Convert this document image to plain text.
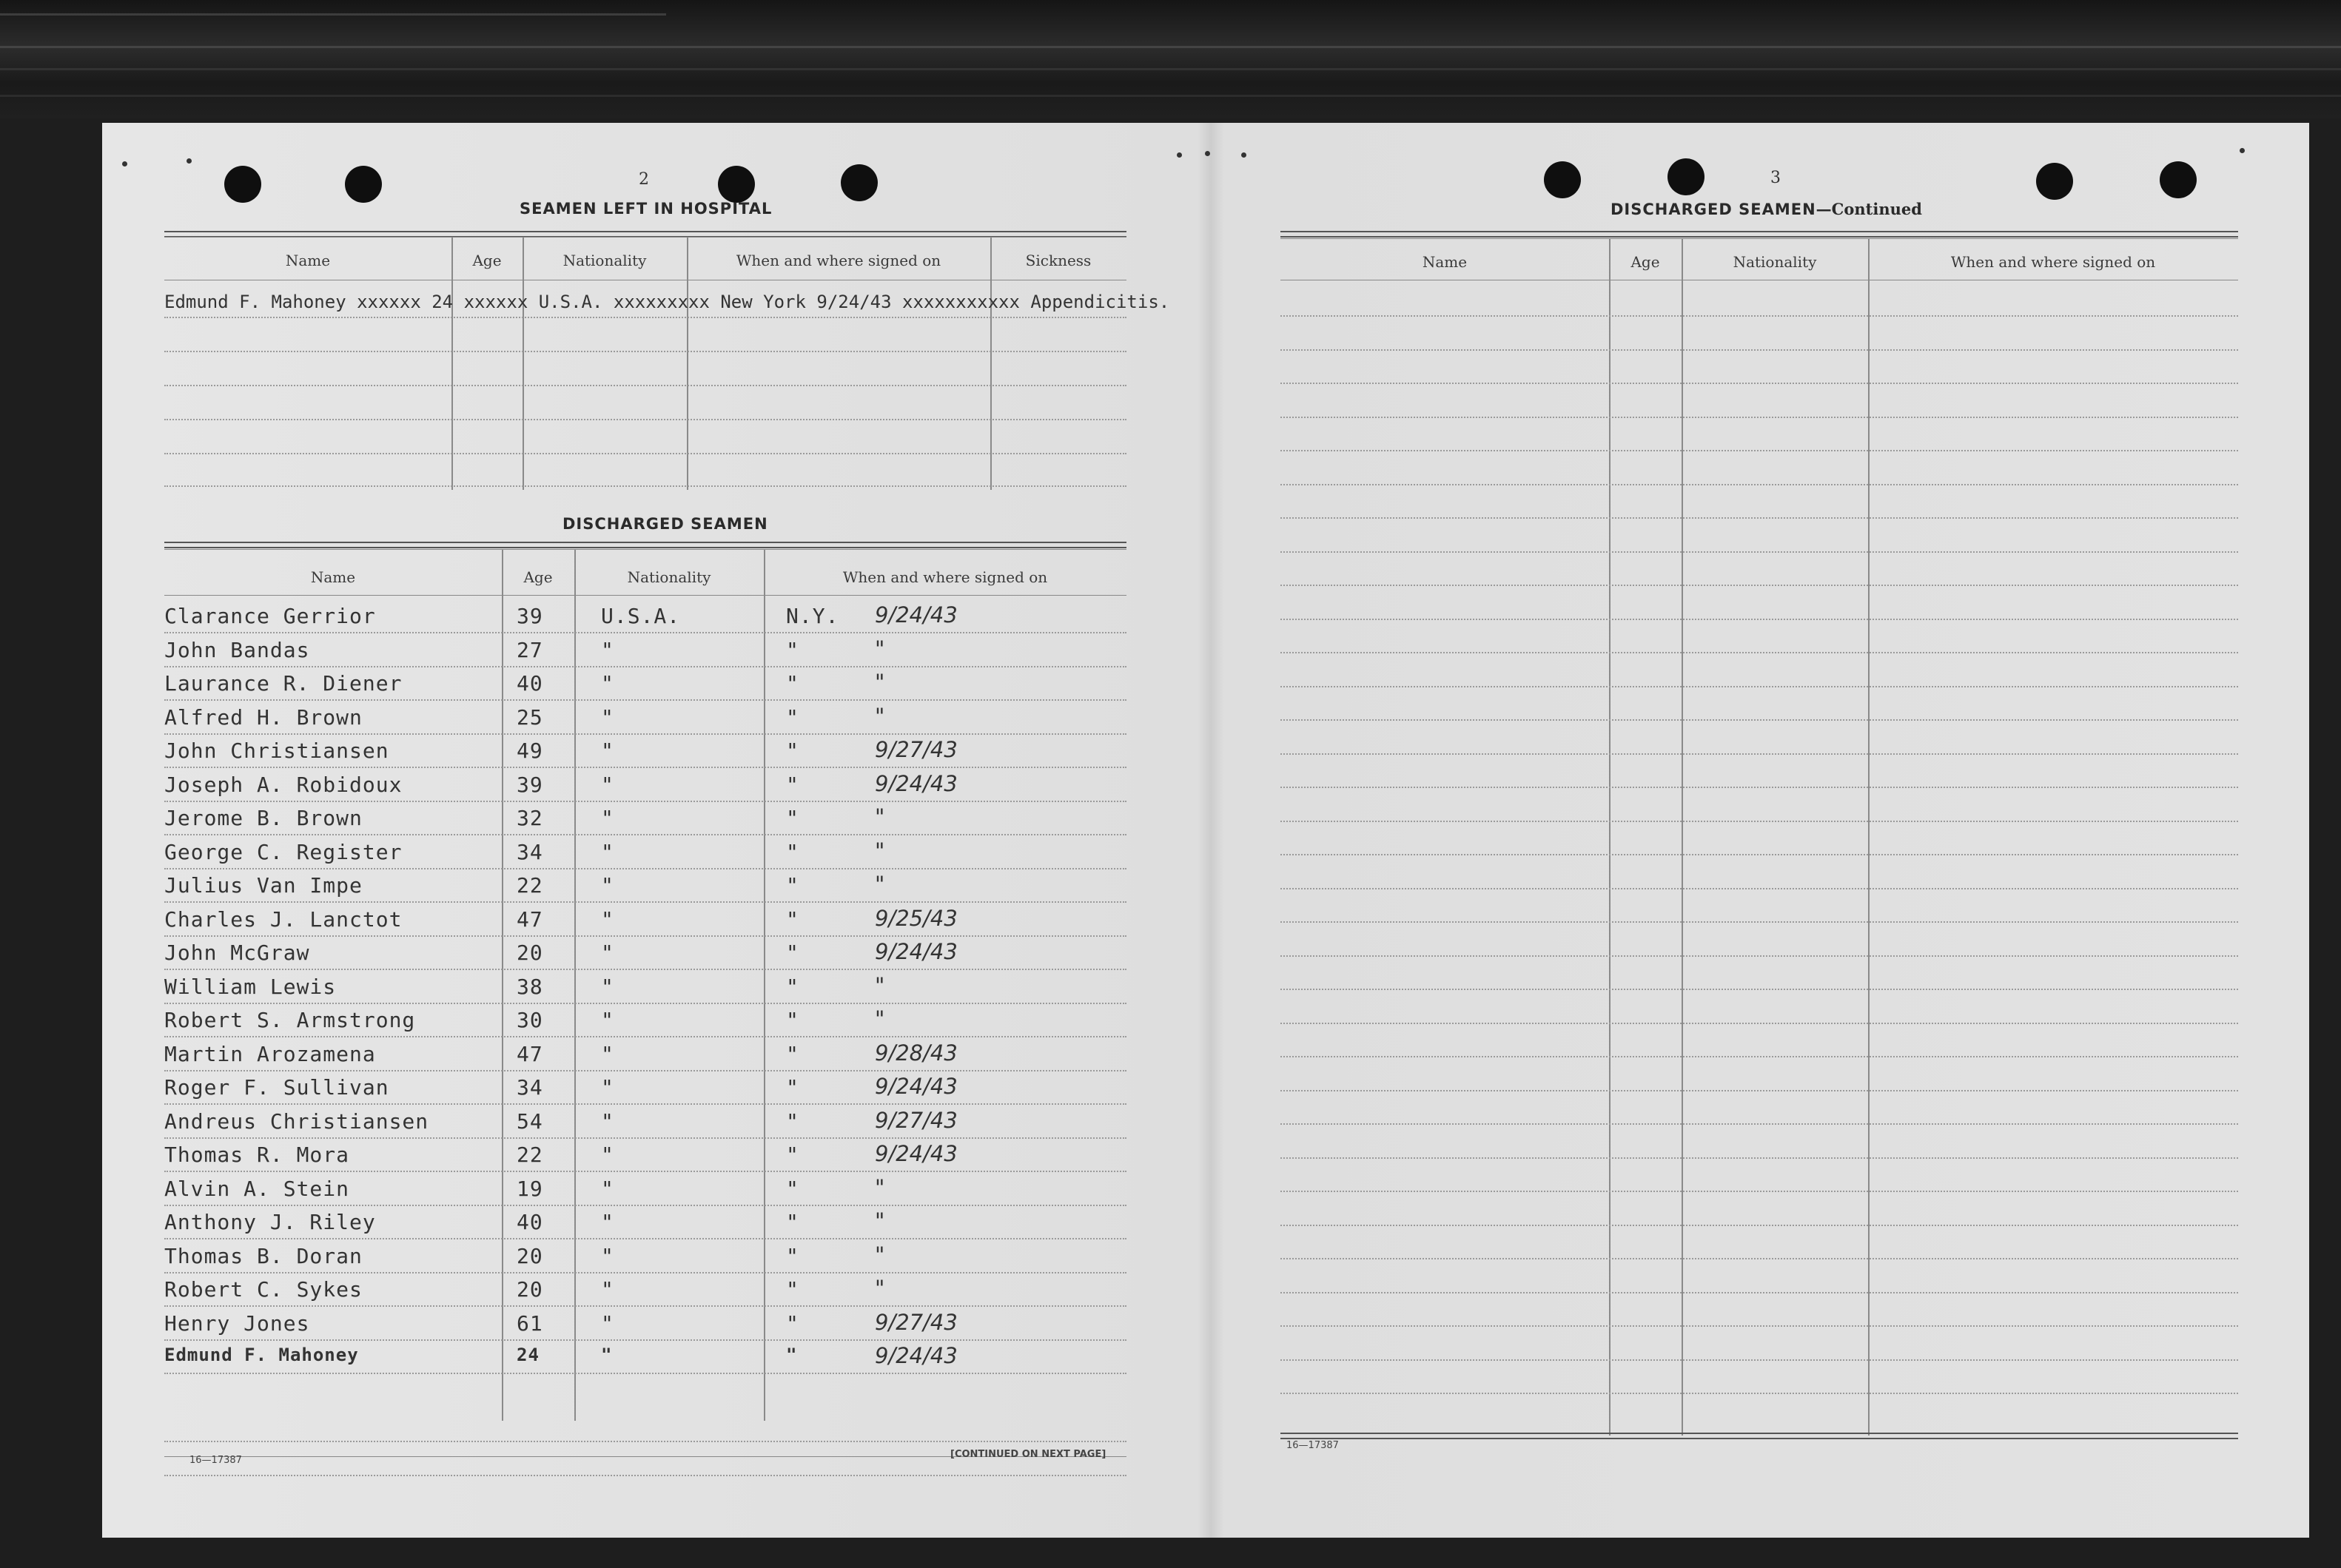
2
SEAMEN LEFT IN HOSPITAL
Name	Age	Nationality	When and where signed on	Sickness
Edmund F. Mahoney xxxxxx 24 xxxxxx U.S.A. xxxxxxxxx New York 9/24/43 xxxxxxxxxxx Appendicitis.
DISCHARGED SEAMEN
Name	Age	Nationality	When and where signed on
Clarance Gerrior	39	U.S.A.	N.Y. 9/24/43
John Bandas	27	"	"	"
Laurance R. Diener	40	"	"	"
Alfred H. Brown	25	"	"	"
John Christiansen	49	"	"	9/27/43
Joseph A. Robidoux	39	"	"	9/24/43
Jerome B. Brown	32	"	"	"
George C. Register	34	"	"	"
Julius Van Impe	22	"	"	"
Charles J. Lanctot	47	"	"	9/25/43
John McGraw	20	"	"	9/24/43
William Lewis	38	"	"	"
Robert S. Armstrong	30	"	"	"
Martin Arozamena	47	"	"	9/28/43
Roger F. Sullivan	34	"	"	9/24/43
Andreus Christiansen	54	"	"	9/27/43
Thomas R. Mora	22	"	"	9/24/43
Alvin A. Stein	19	"	"	"
Anthony J. Riley	40	"	"	"
Thomas B. Doran	20	"	"	"
Robert C. Sykes	20	"	"	"
Henry Jones	61	"	"	9/27/43
Edmund F. Mahoney	24	"	"	9/24/43
16—17387
[CONTINUED ON NEXT PAGE]
3
DISCHARGED SEAMEN—Continued
Name	Age	Nationality	When and where signed on
16—17387
